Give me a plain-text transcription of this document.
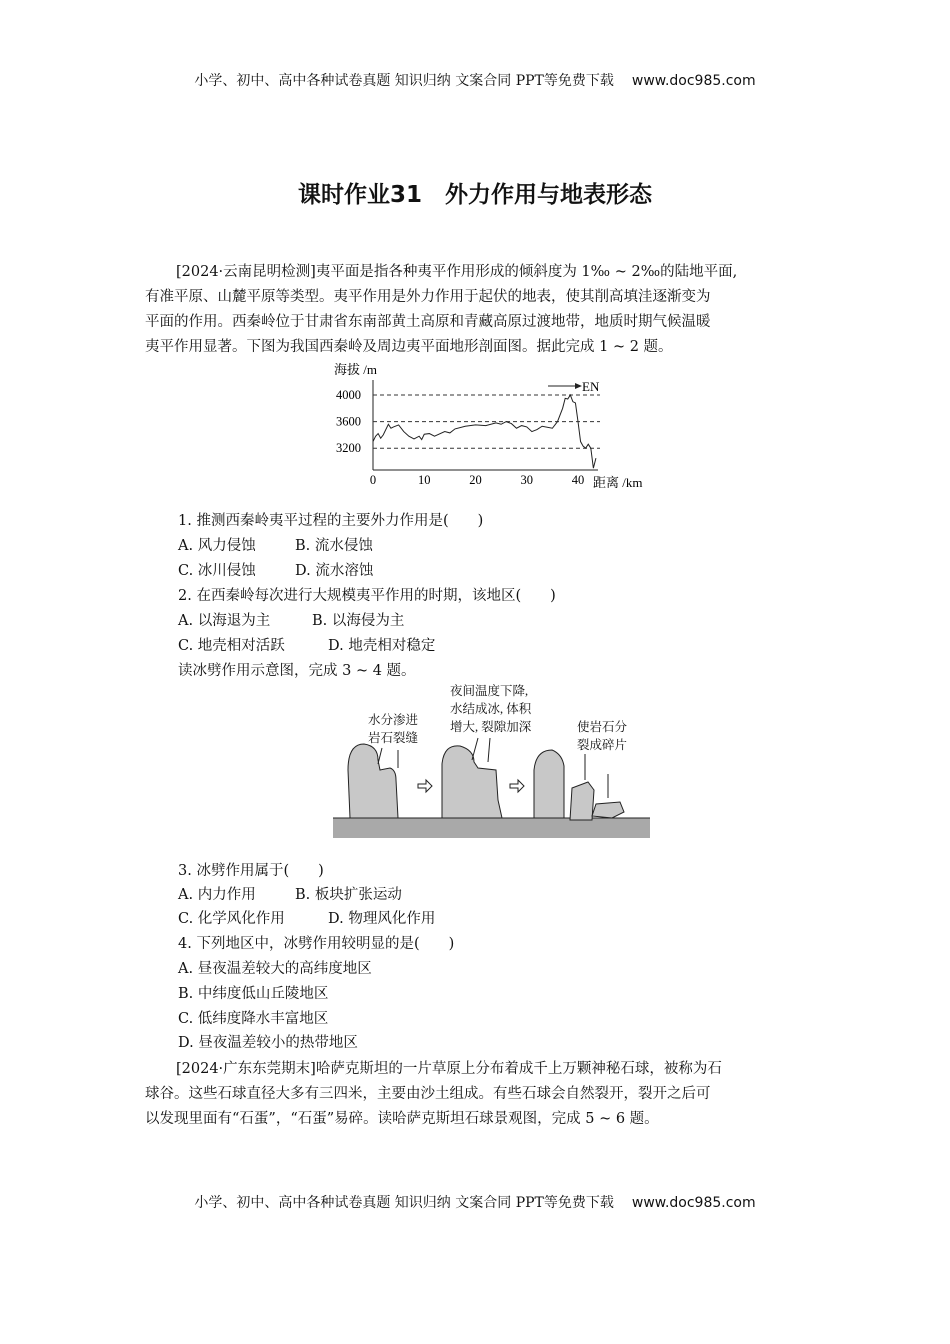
小学、初中、高中各种试卷真题 知识归纳 文案合同 PPT等免费下载 www.doc985.com
课时作业31　外力作用与地表形态
[2024·云南昆明检测]夷平面是指各种夷平作用形成的倾斜度为 1‰ ~ 2‰的陆地平面,
有准平原、山麓平原等类型。夷平作用是外力作用于起伏的地表，使其削高填洼逐渐变为
平面的作用。西秦岭位于甘肃省东南部黄土高原和青藏高原过渡地带，地质时期气候温暖
夷平作用显著。下图为我国西秦岭及周边夷平面地形剖面图。据此完成 1 ~ 2 题。
海拔 /m
4000
3600
3200
0	10	20	30	40
EN
距离 /km
1. 推测西秦岭夷平过程的主要外力作用是(　　)
A. 风力侵蚀	B. 流水侵蚀
C. 冰川侵蚀	D. 流水溶蚀
2. 在西秦岭每次进行大规模夷平作用的时期，该地区(　　)
A. 以海退为主	B. 以海侵为主
C. 地壳相对活跃	D. 地壳相对稳定
读冰劈作用示意图，完成 3 ~ 4 题。
水分渗进
岩石裂缝
夜间温度下降,
水结成冰, 体积
增大, 裂隙加深	使岩石分
裂成碎片
3. 冰劈作用属于(　　)
A. 内力作用	B. 板块扩张运动
C. 化学风化作用	D. 物理风化作用
4. 下列地区中，冰劈作用较明显的是(　　)
A. 昼夜温差较大的高纬度地区
B. 中纬度低山丘陵地区
C. 低纬度降水丰富地区
D. 昼夜温差较小的热带地区
[2024·广东东莞期末]哈萨克斯坦的一片草原上分布着成千上万颗神秘石球，被称为石
球谷。这些石球直径大多有三四米，主要由沙土组成。有些石球会自然裂开，裂开之后可
以发现里面有“石蛋”，“石蛋”易碎。读哈萨克斯坦石球景观图，完成 5 ~ 6 题。
小学、初中、高中各种试卷真题 知识归纳 文案合同 PPT等免费下载 www.doc985.com
